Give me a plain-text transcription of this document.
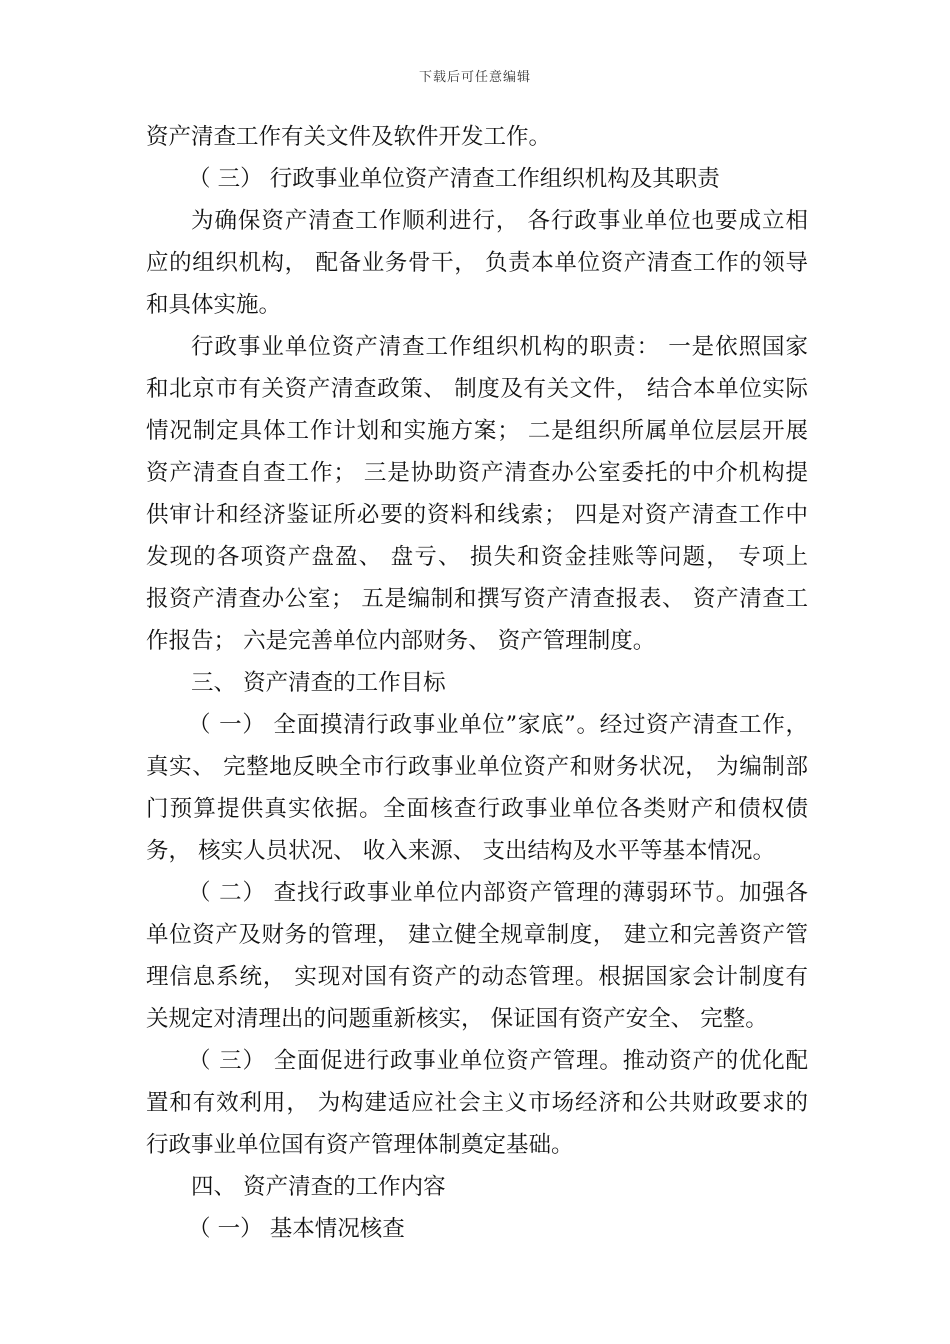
下载后可任意编辑
资产清查工作有关文件及软件开发工作。
（ 三） 行政事业单位资产清查工作组织机构及其职责
为确保资产清查工作顺利进行， 各行政事业单位也要成立相
应的组织机构， 配备业务骨干， 负责本单位资产清查工作的领导
和具体实施。
行政事业单位资产清查工作组织机构的职责： 一是依照国家
和北京市有关资产清查政策、 制度及有关文件， 结合本单位实际
情况制定具体工作计划和实施方案； 二是组织所属单位层层开展
资产清查自查工作； 三是协助资产清查办公室委托的中介机构提
供审计和经济鉴证所必要的资料和线索； 四是对资产清查工作中
发现的各项资产盘盈、 盘亏、 损失和资金挂账等问题， 专项上
报资产清查办公室； 五是编制和撰写资产清查报表、 资产清查工
作报告； 六是完善单位内部财务、 资产管理制度。
三、 资产清查的工作目标
（ 一） 全面摸清行政事业单位”家底”。经过资产清查工作，
真实、 完整地反映全市行政事业单位资产和财务状况， 为编制部
门预算提供真实依据。全面核查行政事业单位各类财产和债权债
务， 核实人员状况、 收入来源、 支出结构及水平等基本情况。
（ 二） 查找行政事业单位内部资产管理的薄弱环节。加强各
单位资产及财务的管理， 建立健全规章制度， 建立和完善资产管
理信息系统， 实现对国有资产的动态管理。根据国家会计制度有
关规定对清理出的问题重新核实， 保证国有资产安全、 完整。
（ 三） 全面促进行政事业单位资产管理。推动资产的优化配
置和有效利用， 为构建适应社会主义市场经济和公共财政要求的
行政事业单位国有资产管理体制奠定基础。
四、 资产清查的工作内容
（ 一） 基本情况核查
